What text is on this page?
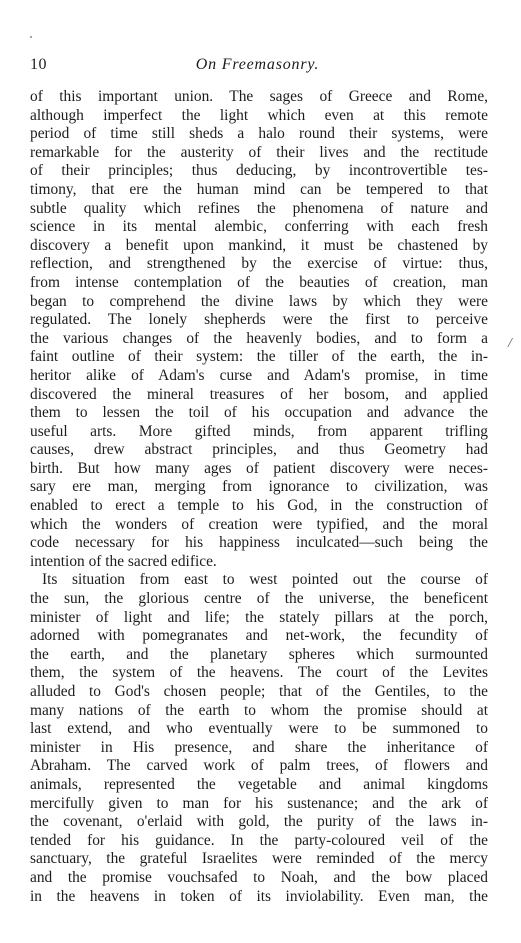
10	On Freemasonry.
/
of this important union. The sages of Greece and Rome,
although imperfect the light which even at this remote
period of time still sheds a halo round their systems, were
remarkable for the austerity of their lives and the rectitude
of their principles; thus deducing, by incontrovertible tes-
timony, that ere the human mind can be tempered to that
subtle quality which refines the phenomena of nature and
science in its mental alembic, conferring with each fresh
discovery a benefit upon mankind, it must be chastened by
reflection, and strengthened by the exercise of virtue: thus,
from intense contemplation of the beauties of creation, man
began to comprehend the divine laws by which they were
regulated. The lonely shepherds were the first to perceive
the various changes of the heavenly bodies, and to form a
faint outline of their system: the tiller of the earth, the in-
heritor alike of Adam's curse and Adam's promise, in time
discovered the mineral treasures of her bosom, and applied
them to lessen the toil of his occupation and advance the
useful arts. More gifted minds, from apparent trifling
causes, drew abstract principles, and thus Geometry had
birth. But how many ages of patient discovery were neces-
sary ere man, merging from ignorance to civilization, was
enabled to erect a temple to his God, in the construction of
which the wonders of creation were typified, and the moral
code necessary for his happiness inculcated—such being the
intention of the sacred edifice.
Its situation from east to west pointed out the course of
the sun, the glorious centre of the universe, the beneficent
minister of light and life; the stately pillars at the porch,
adorned with pomegranates and net-work, the fecundity of
the earth, and the planetary spheres which surmounted
them, the system of the heavens. The court of the Levites
alluded to God's chosen people; that of the Gentiles, to the
many nations of the earth to whom the promise should at
last extend, and who eventually were to be summoned to
minister in His presence, and share the inheritance of
Abraham. The carved work of palm trees, of flowers and
animals, represented the vegetable and animal kingdoms
mercifully given to man for his sustenance; and the ark of
the covenant, o'erlaid with gold, the purity of the laws in-
tended for his guidance. In the party-coloured veil of the
sanctuary, the grateful Israelites were reminded of the mercy
and the promise vouchsafed to Noah, and the bow placed
in the heavens in token of its inviolability. Even man, the
